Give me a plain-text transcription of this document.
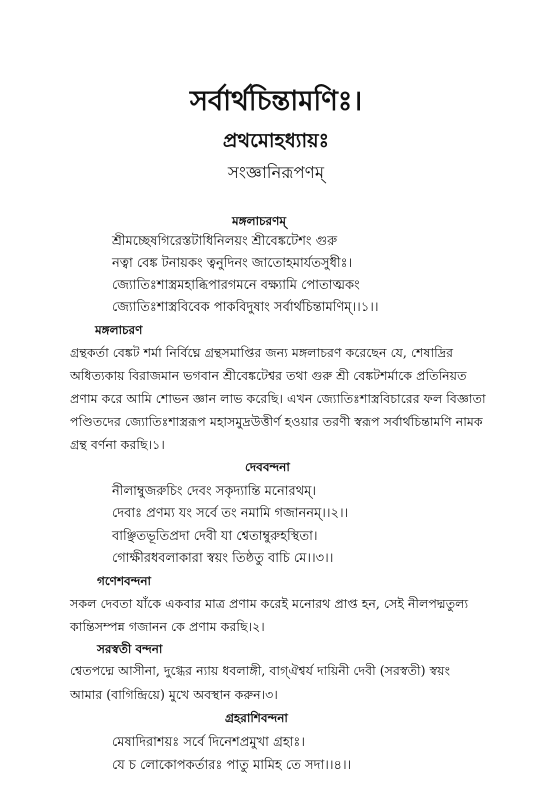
সর্বার্থচিন্তামণিঃ।
প্রথমোহধ্যায়ঃ
সংজ্ঞানিরূপণম্
মঙ্গলাচরণম্
শ্রীমচ্ছেষগিরেস্তটাধিনিলয়ং শ্রীবেঙ্কটেশং গুরু
নত্বা বেঙ্ক টনায়কং ত্বনুদিনং জাতোহমার্যতসুধীঃ।
জ্যোতিঃশাস্ত্রমহাব্ধিপারগমনে বক্ষ্যামি পোতাত্মকং
জ্যোতিঃশাস্ত্রবিবেক পাকবিদুষাং সর্বার্থচিন্তামণিম্।।১।।
মঙ্গলাচরণ
গ্রন্থকর্তা বেঙ্কট শর্মা নির্বিঘ্নে গ্রন্থসমাপ্তির জন্য মঙ্গলাচরণ করেছেন যে, শেষাদ্রির
অধিত্যকায় বিরাজমান ভগবান শ্রীবেঙ্কটেশ্বর তথা গুরু শ্রী বেঙ্কটশর্মাকে প্রতিনিয়ত
প্রণাম করে আমি শোভন জ্ঞান লাভ করেছি। এখন জ্যোতিঃশাস্ত্রবিচারের ফল বিজ্ঞাতা
পণ্ডিতদের জ্যোতিঃশাস্ত্ররূপ মহাসমুদ্রউত্তীর্ণ হওয়ার তরণী স্বরূপ সর্বার্থচিন্তামণি নামক
গ্রন্থ বর্ণনা করছি।১।
দেববন্দনা
নীলাম্বুজরুচিং দেবং সকৃদ্যান্তি মনোরথম্।
দেবাঃ প্রণম্য যং সর্বে তং নমামি গজাননম্।।২।।
বাঞ্ছিতভূতিপ্রদা দেবী যা শ্বেতাম্বুরুহস্থিতা।
গোক্ষীরধবলাকারা স্বয়ং তিষ্ঠতু বাচি মে।।৩।।
গণেশবন্দনা
সকল দেবতা যাঁকে একবার মাত্র প্রণাম করেই মনোরথ প্রাপ্ত হন, সেই নীলপদ্মতুল্য
কান্তিসম্পন্ন গজানন কে প্রণাম করছি।২।
সরস্বতী বন্দনা
শ্বেতপদ্মে আসীনা, দুগ্ধের ন্যায় ধবলাঙ্গী, বাগ্ঐশ্বর্য দায়িনী দেবী (সরস্বতী) স্বয়ং
আমার (বাগিন্দ্রিয়ে) মুখে অবস্থান করুন।৩।
গ্রহরাশিবন্দনা
মেষাদিরাশয়ঃ সর্বে দিনেশপ্রমুখা গ্রহাঃ।
যে চ লোকোপকর্তারঃ পাতু মামিহ তে সদা।।৪।।
